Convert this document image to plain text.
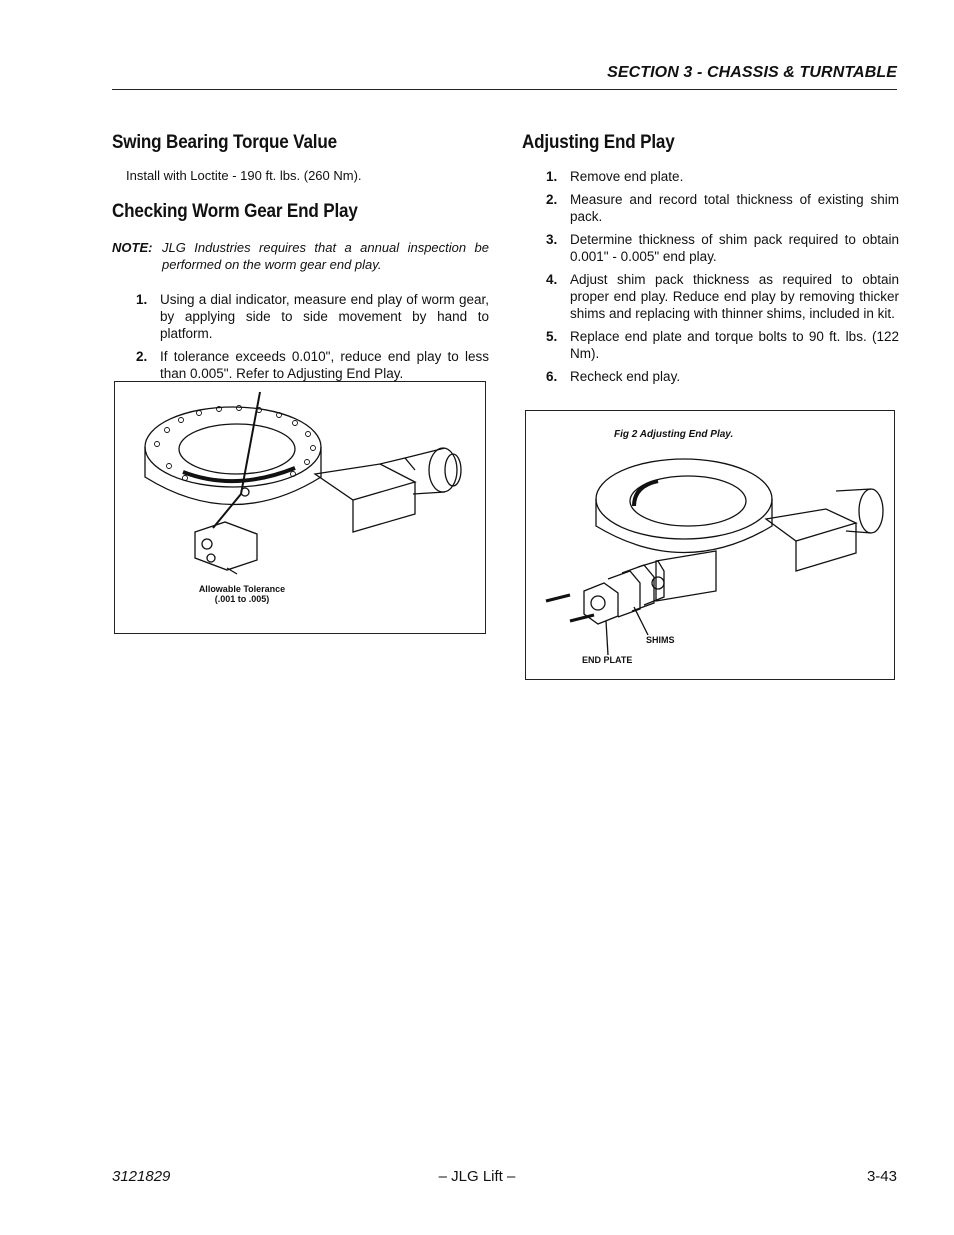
SECTION 3 - CHASSIS & TURNTABLE
Swing Bearing Torque Value
Install with Loctite - 190 ft. lbs. (260 Nm).
Checking Worm Gear End Play
NOTE: JLG Industries requires that a annual inspection be performed on the worm gear end play.
1. Using a dial indicator, measure end play of worm gear, by applying side to side movement by hand to platform.
2. If tolerance exceeds 0.010", reduce end play to less than 0.005". Refer to Adjusting End Play.
Allowable Tolerance
(.001 to .005)
Adjusting End Play
1. Remove end plate.
2. Measure and record total thickness of existing shim pack.
3. Determine thickness of shim pack required to obtain 0.001" - 0.005" end play.
4. Adjust shim pack thickness as required to obtain proper end play. Reduce end play by removing thicker shims and replacing with thinner shims, included in kit.
5. Replace end plate and torque bolts to 90 ft. lbs. (122 Nm).
6. Recheck end play.
Fig 2 Adjusting End Play.
SHIMS
END PLATE
3121829	– JLG Lift –	3-43
